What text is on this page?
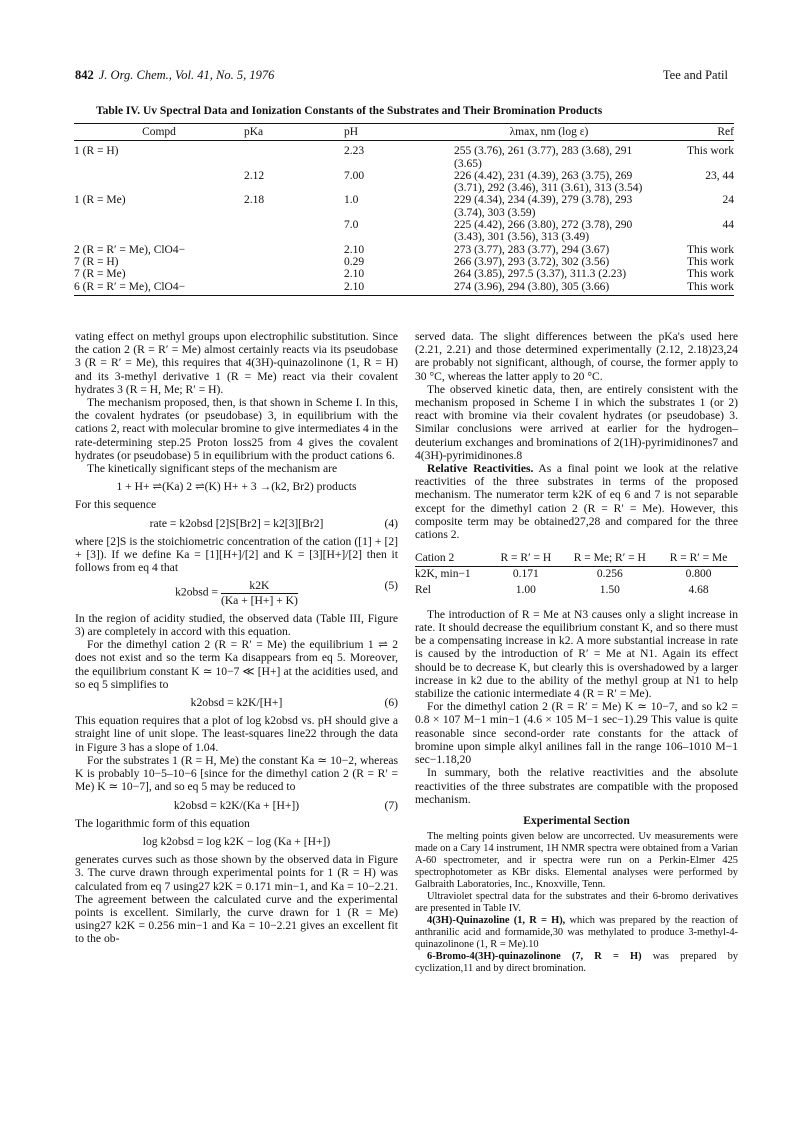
842 J. Org. Chem., Vol. 41, No. 5, 1976	Tee and Patil
Table IV. Uv Spectral Data and Ionization Constants of the Substrates and Their Bromination Products
Compd	pKa	pH	λmax, nm (log ε)	Ref

1 (R = H)		2.23	255 (3.76), 261 (3.77), 283 (3.68), 291 (3.65)	This work
	2.12	7.00	226 (4.42), 231 (4.39), 263 (3.75), 269 (3.71), 292 (3.46), 311 (3.61), 313 (3.54)	23, 44
1 (R = Me)	2.18	1.0	229 (4.34), 234 (4.39), 279 (3.78), 293 (3.74), 303 (3.59)	24
		7.0	225 (4.42), 266 (3.80), 272 (3.78), 290 (3.43), 301 (3.56), 313 (3.49)	44
2 (R = R′ = Me), ClO4−		2.10	273 (3.77), 283 (3.77), 294 (3.67)	This work
7 (R = H)		0.29	266 (3.97), 293 (3.72), 302 (3.56)	This work
7 (R = Me)		2.10	264 (3.85), 297.5 (3.37), 311.3 (2.23)	This work
6 (R = R′ = Me), ClO4−		2.10	274 (3.96), 294 (3.80), 305 (3.66)	This work

vating effect on methyl groups upon electrophilic substitution. Since the cation 2 (R = R′ = Me) almost certainly reacts via its pseudobase 3 (R = R′ = Me), this requires that 4(3H)-quinazolinone (1, R = H) and its 3-methyl derivative 1 (R = Me) react via their covalent hydrates 3 (R = H, Me; R′ = H).

The mechanism proposed, then, is that shown in Scheme I. In this, the covalent hydrates (or pseudobase) 3, in equilibrium with the cations 2, react with molecular bromine to give intermediates 4 in the rate-determining step.25 Proton loss25 from 4 gives the covalent hydrates (or pseudobase) 5 in equilibrium with the product cations 6.

The kinetically significant steps of the mechanism are

1 + H+ ⇌(Ka) 2 ⇌(K) H+ + 3 →(k2, Br2) products

For this sequence

rate = k2obsd [2]S[Br2] = k2[3][Br2]	(4)

where [2]S is the stoichiometric concentration of the cation ([1] + [2] + [3]). If we define Ka = [1][H+]/[2] and K = [3][H+]/[2] then it follows from eq 4 that

k2obsd = $\frac{k2K}{(Ka + [H+] + K)}$	(5)

In the region of acidity studied, the observed data (Table III, Figure 3) are completely in accord with this equation.

For the dimethyl cation 2 (R = R′ = Me) the equilibrium 1 ⇌ 2 does not exist and so the term Ka disappears from eq 5. Moreover, the equilibrium constant K ≃ 10−7 ≪ [H+] at the acidities used, and so eq 5 simplifies to

k2obsd = k2K/[H+]	(6)

This equation requires that a plot of log k2obsd vs. pH should give a straight line of unit slope. The least-squares line22 through the data in Figure 3 has a slope of 1.04.

For the substrates 1 (R = H, Me) the constant Ka ≃ 10−2, whereas K is probably 10−5–10−6 [since for the dimethyl cation 2 (R = R′ = Me) K ≃ 10−7], and so eq 5 may be reduced to

k2obsd = k2K/(Ka + [H+])	(7)

The logarithmic form of this equation

log k2obsd = log k2K − log (Ka + [H+])

generates curves such as those shown by the observed data in Figure 3. The curve drawn through experimental points for 1 (R = H) was calculated from eq 7 using27 k2K = 0.171 min−1, and Ka = 10−2.21. The agreement between the calculated curve and the experimental points is excellent. Similarly, the curve drawn for 1 (R = Me) using27 k2K = 0.256 min−1 and Ka = 10−2.21 gives an excellent fit to the ob-

served data. The slight differences between the pKa's used here (2.21, 2.21) and those determined experimentally (2.12, 2.18)23,24 are probably not significant, although, of course, the former apply to 30 °C, whereas the latter apply to 20 °C.

The observed kinetic data, then, are entirely consistent with the mechanism proposed in Scheme I in which the substrates 1 (or 2) react with bromine via their covalent hydrates (or pseudobase) 3. Similar conclusions were arrived at earlier for the hydrogen–deuterium exchanges and brominations of 2(1H)-pyrimidinones7 and 4(3H)-pyrimidinones.8

Relative Reactivities. As a final point we look at the relative reactivities of the three substrates in terms of the proposed mechanism. The numerator term k2K of eq 6 and 7 is not separable except for the dimethyl cation 2 (R = R′ = Me). However, this composite term may be obtained27,28 and compared for the three cations 2.

Cation 2	R = R′ = H	R = Me; R′ = H	R = R′ = Me
k2K, min−1	0.171	0.256	0.800
Rel	1.00	1.50	4.68

The introduction of R = Me at N3 causes only a slight increase in rate. It should decrease the equilibrium constant K, and so there must be a compensating increase in k2. A more substantial increase in rate is caused by the introduction of R′ = Me at N1. Again its effect should be to decrease K, but clearly this is overshadowed by a larger increase in k2 due to the ability of the methyl group at N1 to help stabilize the cationic intermediate 4 (R = R′ = Me).

For the dimethyl cation 2 (R = R′ = Me) K ≃ 10−7, and so k2 = 0.8 × 107 M−1 min−1 (4.6 × 105 M−1 sec−1).29 This value is quite reasonable since second-order rate constants for the attack of bromine upon simple alkyl anilines fall in the range 106–1010 M−1 sec−1.18,20

In summary, both the relative reactivities and the absolute reactivities of the three substrates are compatible with the proposed mechanism.

Experimental Section

The melting points given below are uncorrected. Uv measurements were made on a Cary 14 instrument, 1H NMR spectra were obtained from a Varian A-60 spectrometer, and ir spectra were run on a Perkin-Elmer 425 spectrophotometer as KBr disks. Elemental analyses were performed by Galbraith Laboratories, Inc., Knoxville, Tenn.

Ultraviolet spectral data for the substrates and their 6-bromo derivatives are presented in Table IV.

4(3H)-Quinazoline (1, R = H), which was prepared by the reaction of anthranilic acid and formamide,30 was methylated to produce 3-methyl-4-quinazolinone (1, R = Me).10

6-Bromo-4(3H)-quinazolinone (7, R = H) was prepared by cyclization,11 and by direct bromination.
